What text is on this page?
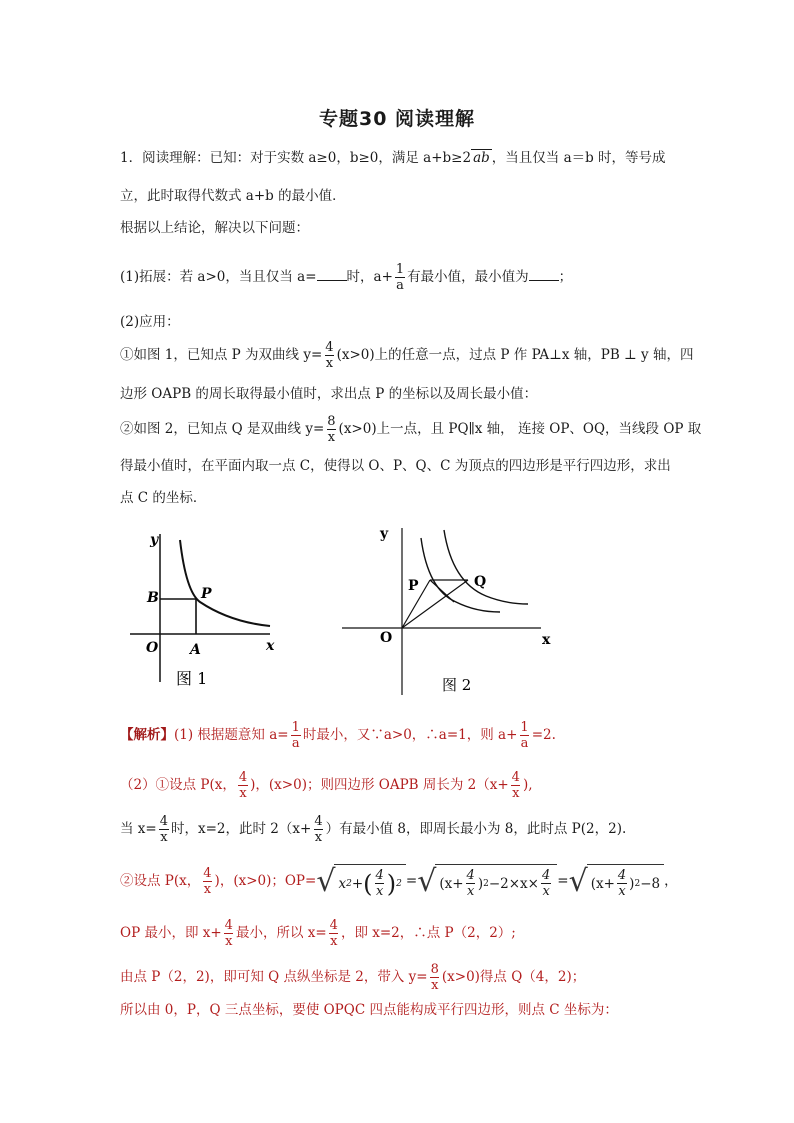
专题30 阅读理解
1．阅读理解：已知：对于实数 a≥0，b≥0，满足 a+b≥2 ab ，当且仅当 a＝b 时，等号成
立，此时取得代数式 a+b 的最小值．
根据以上结论，解决以下问题：
(1)拓展：若 a>0，当且仅当 a= 时，$a+ \frac{1}{a}$ 有最小值，最小值为 ；
(2)应用：
①如图 1，已知点 P 为双曲线 $y= \frac{4}{x} (x>0)$上的任意一点，过点 P 作 PA⊥x 轴，PB ⊥ y 轴，四
边形 OAPB 的周长取得最小值时，求出点 P 的坐标以及周长最小值：
②如图 2，已知点 Q 是双曲线 $y= \frac{8}{x} (x>0)$上一点，且 PQ∥x 轴， 连接 OP、OQ，当线段 OP 取
得最小值时，在平面内取一点 C，使得以 O、P、Q、C 为顶点的四边形是平行四边形，求出
点 C 的坐标．
y
x
O A
B	P
图 1
y
x
O
P	Q
图 2
【解析】(1) 根据题意知 $a= \frac{1}{a}$ 时最小，又∵a>0，∴a=1，则 $a+ \frac{1}{a} =2$.
（2）①设点 P(x， $\frac{4}{x}$ )，(x>0)；则四边形 OAPB 周长为 $2(x+ \frac{4}{x}$ ),
当 $x= \frac{4}{x}$ 时，x=2，此时 $2(x+ \frac{4}{x}$ ）有最小值 8，即周长最小为 8，此时点 P(2，2).
②设点 P(x， $\frac{4}{x}$ )，(x>0)；OP= √ x 2 + ( $\frac{4}{x}$ ) 2 = √ ($x+ \frac{4}{x}$ ) $2 -2\times x\times \frac{4}{x}$ = √ ($x+ \frac{4}{x}$ ) 2 −8 ，
OP 最小，即 $x+ \frac{4}{x}$ 最小，所以 $x= \frac{4}{x}$ ，即 x=2，∴点 P（2，2）;
由点 P（2，2)，即可知 Q 点纵坐标是 2，带入 $y= \frac{8}{x} (x>0)$得点 Q（4，2)；
所以由 0，P，Q 三点坐标，要使 OPQC 四点能构成平行四边形，则点 C 坐标为：
